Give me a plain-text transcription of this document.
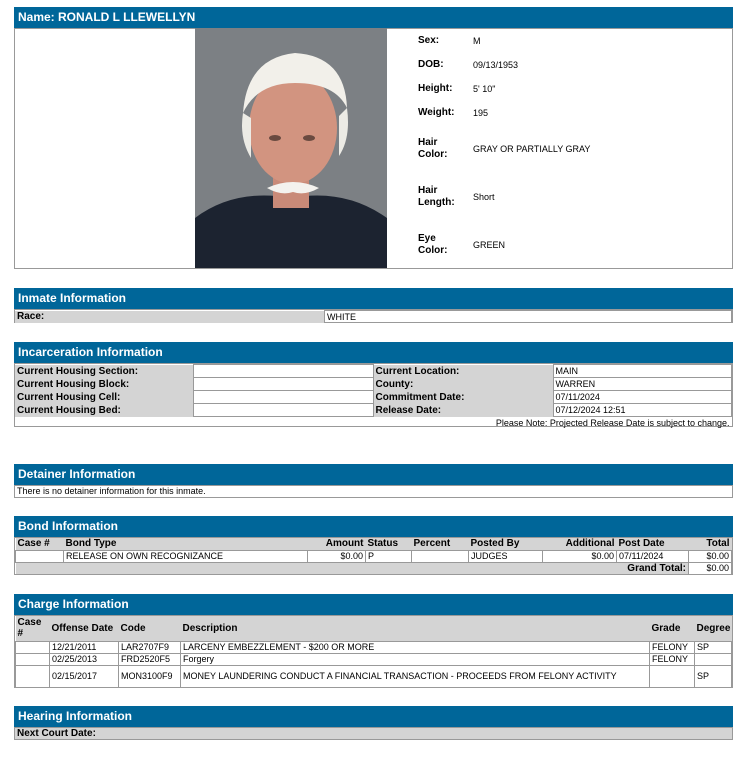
Name: RONALD L LLEWELLYN
Sex:	M
DOB:	09/13/1953
Height: 5' 10"
Weight: 195
Hair
Color:	GRAY OR PARTIALLY GRAY
Hair
Length: Short
Eye
Color:	GREEN
Inmate Information
Race:	WHITE
Incarceration Information
Current Housing Section:		Current Location:	MAIN
Current Housing Block:		County:	WARREN
Current Housing Cell:		Commitment Date:	07/11/2024
Current Housing Bed:		Release Date:	07/12/2024 12:51
Please Note: Projected Release Date is subject to change.			
Detainer Information
There is no detainer information for this inmate.
Bond Information
Case #	Bond Type	Amount	Status	Percent	Posted By	Additional	Post Date	Total
	RELEASE ON OWN RECOGNIZANCE	$0.00	P		JUDGES	$0.00	07/11/2024	$0.00
Grand Total:								$0.00
Charge Information
Case #	Offense Date	Code	Description	Grade	Degree
	12/21/2011	LAR2707F9	LARCENY EMBEZZLEMENT - $200 OR MORE	FELONY	SP
	02/25/2013	FRD2520F5	Forgery	FELONY	
	02/15/2017	MON3100F9	MONEY LAUNDERING CONDUCT A FINANCIAL TRANSACTION - PROCEEDS FROM FELONY ACTIVITY		SP
Hearing Information
Next Court Date:
